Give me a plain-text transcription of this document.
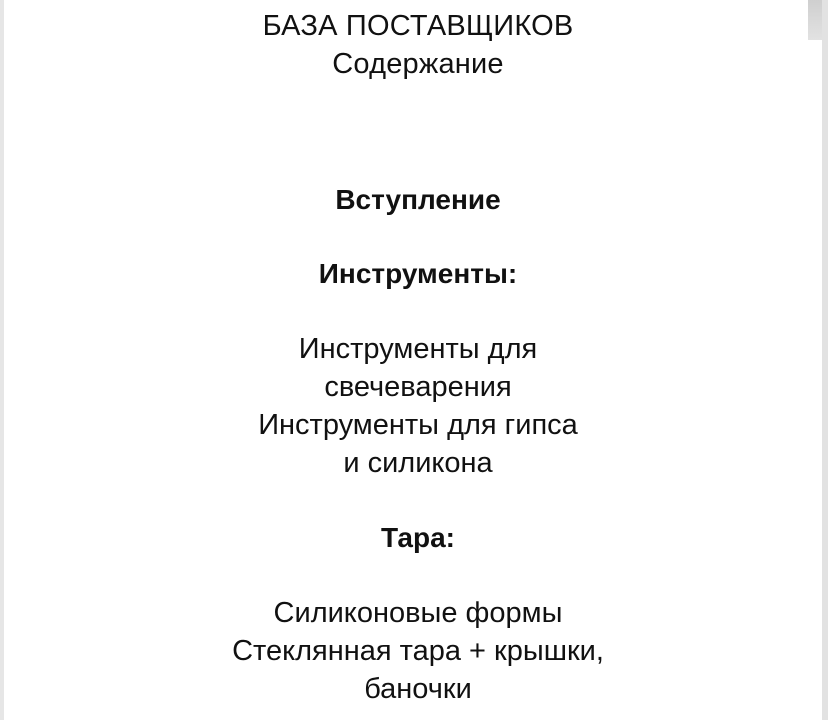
БАЗА ПОСТАВЩИКОВ
Содержание
Вступление
Инструменты:
Инструменты для
свечеварения
Инструменты для гипса
и силикона
Тара:
Силиконовые формы
Стеклянная тара + крышки,
баночки
